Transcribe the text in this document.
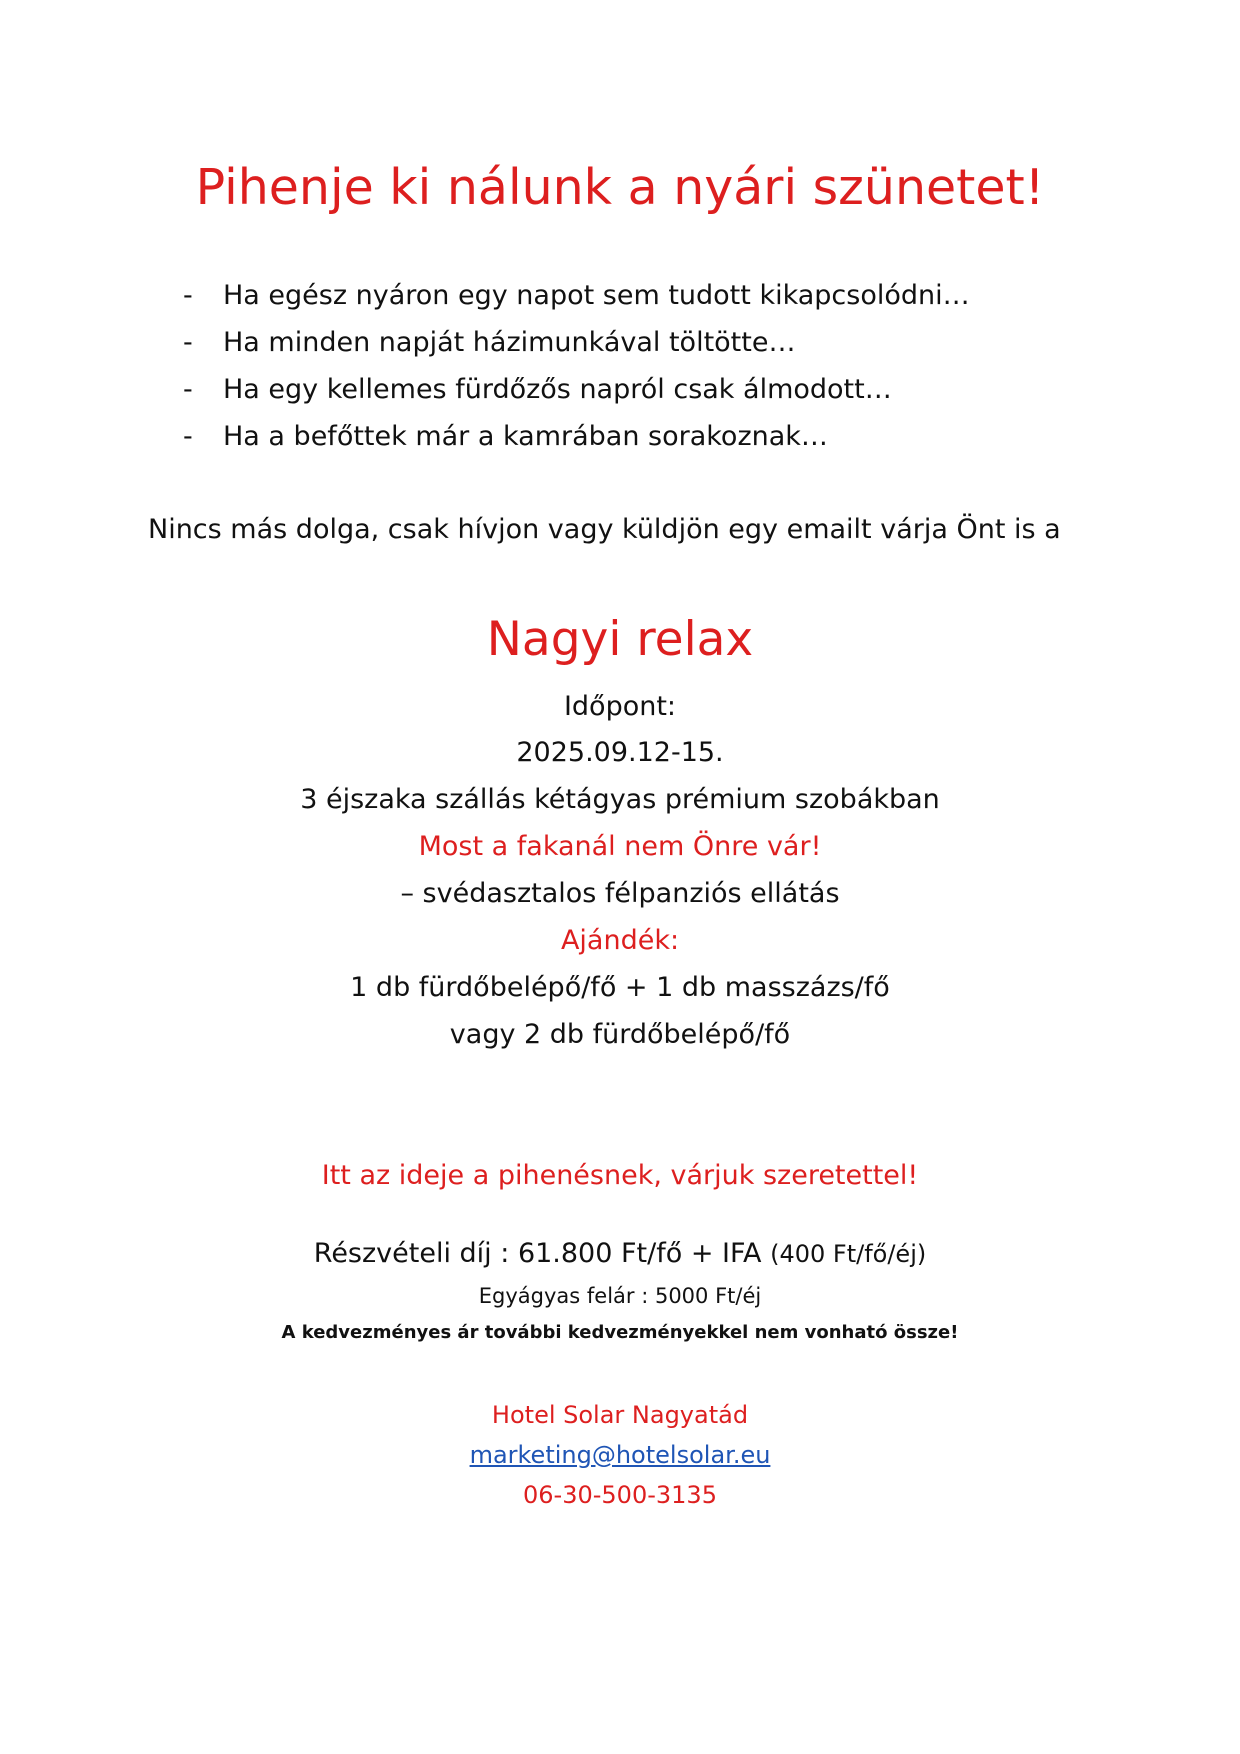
Pihenje ki nálunk a nyári szünetet!
- Ha egész nyáron egy napot sem tudott kikapcsolódni…
- Ha minden napját házimunkával töltötte…
- Ha egy kellemes fürdőzős napról csak álmodott…
- Ha a befőttek már a kamrában sorakoznak…
Nincs más dolga, csak hívjon vagy küldjön egy emailt várja Önt is a
Nagyi relax
Időpont:
2025.09.12-15.
3 éjszaka szállás kétágyas prémium szobákban
Most a fakanál nem Önre vár!
– svédasztalos félpanziós ellátás
Ajándék:
1 db fürdőbelépő/fő + 1 db masszázs/fő
vagy 2 db fürdőbelépő/fő
Itt az ideje a pihenésnek, várjuk szeretettel!
Részvételi díj : 61.800 Ft/fő + IFA (400 Ft/fő/éj)
Egyágyas felár : 5000 Ft/éj
A kedvezményes ár további kedvezményekkel nem vonható össze!
Hotel Solar Nagyatád
marketing@hotelsolar.eu
06-30-500-3135
